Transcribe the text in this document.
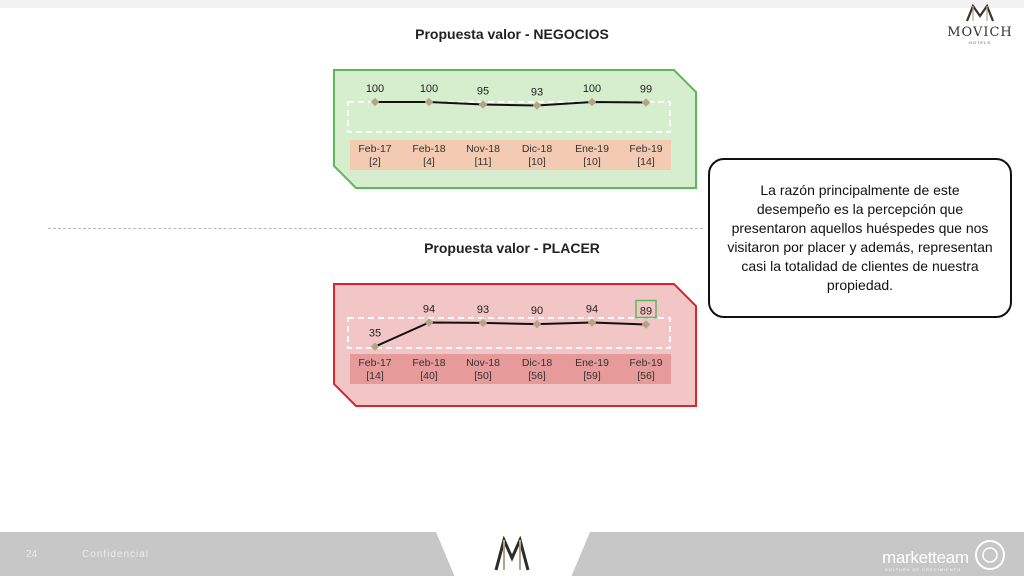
MOVICH
HOTELS
Propuesta valor - NEGOCIOS
100
Feb-17
[2]
100
Feb-18
[4]
95
Nov-18
[11]
93
Dic-18
[10]
100
Ene-19
[10]
99
Feb-19
[14]
Propuesta valor - PLACER
35
Feb-17
[14]
94
Feb-18
[40]
93
Nov-18
[50]
90
Dic-18
[56]
94
Ene-19
[59]
89
Feb-19
[56]
La razón principalmente de este desempeño es la percepción que presentaron aquellos huéspedes que nos visitaron por placer y además, representan casi la totalidad de clientes de nuestra propiedad.
24	Confidencial	marketteam
CULTURA DE CRECIMIENTO
